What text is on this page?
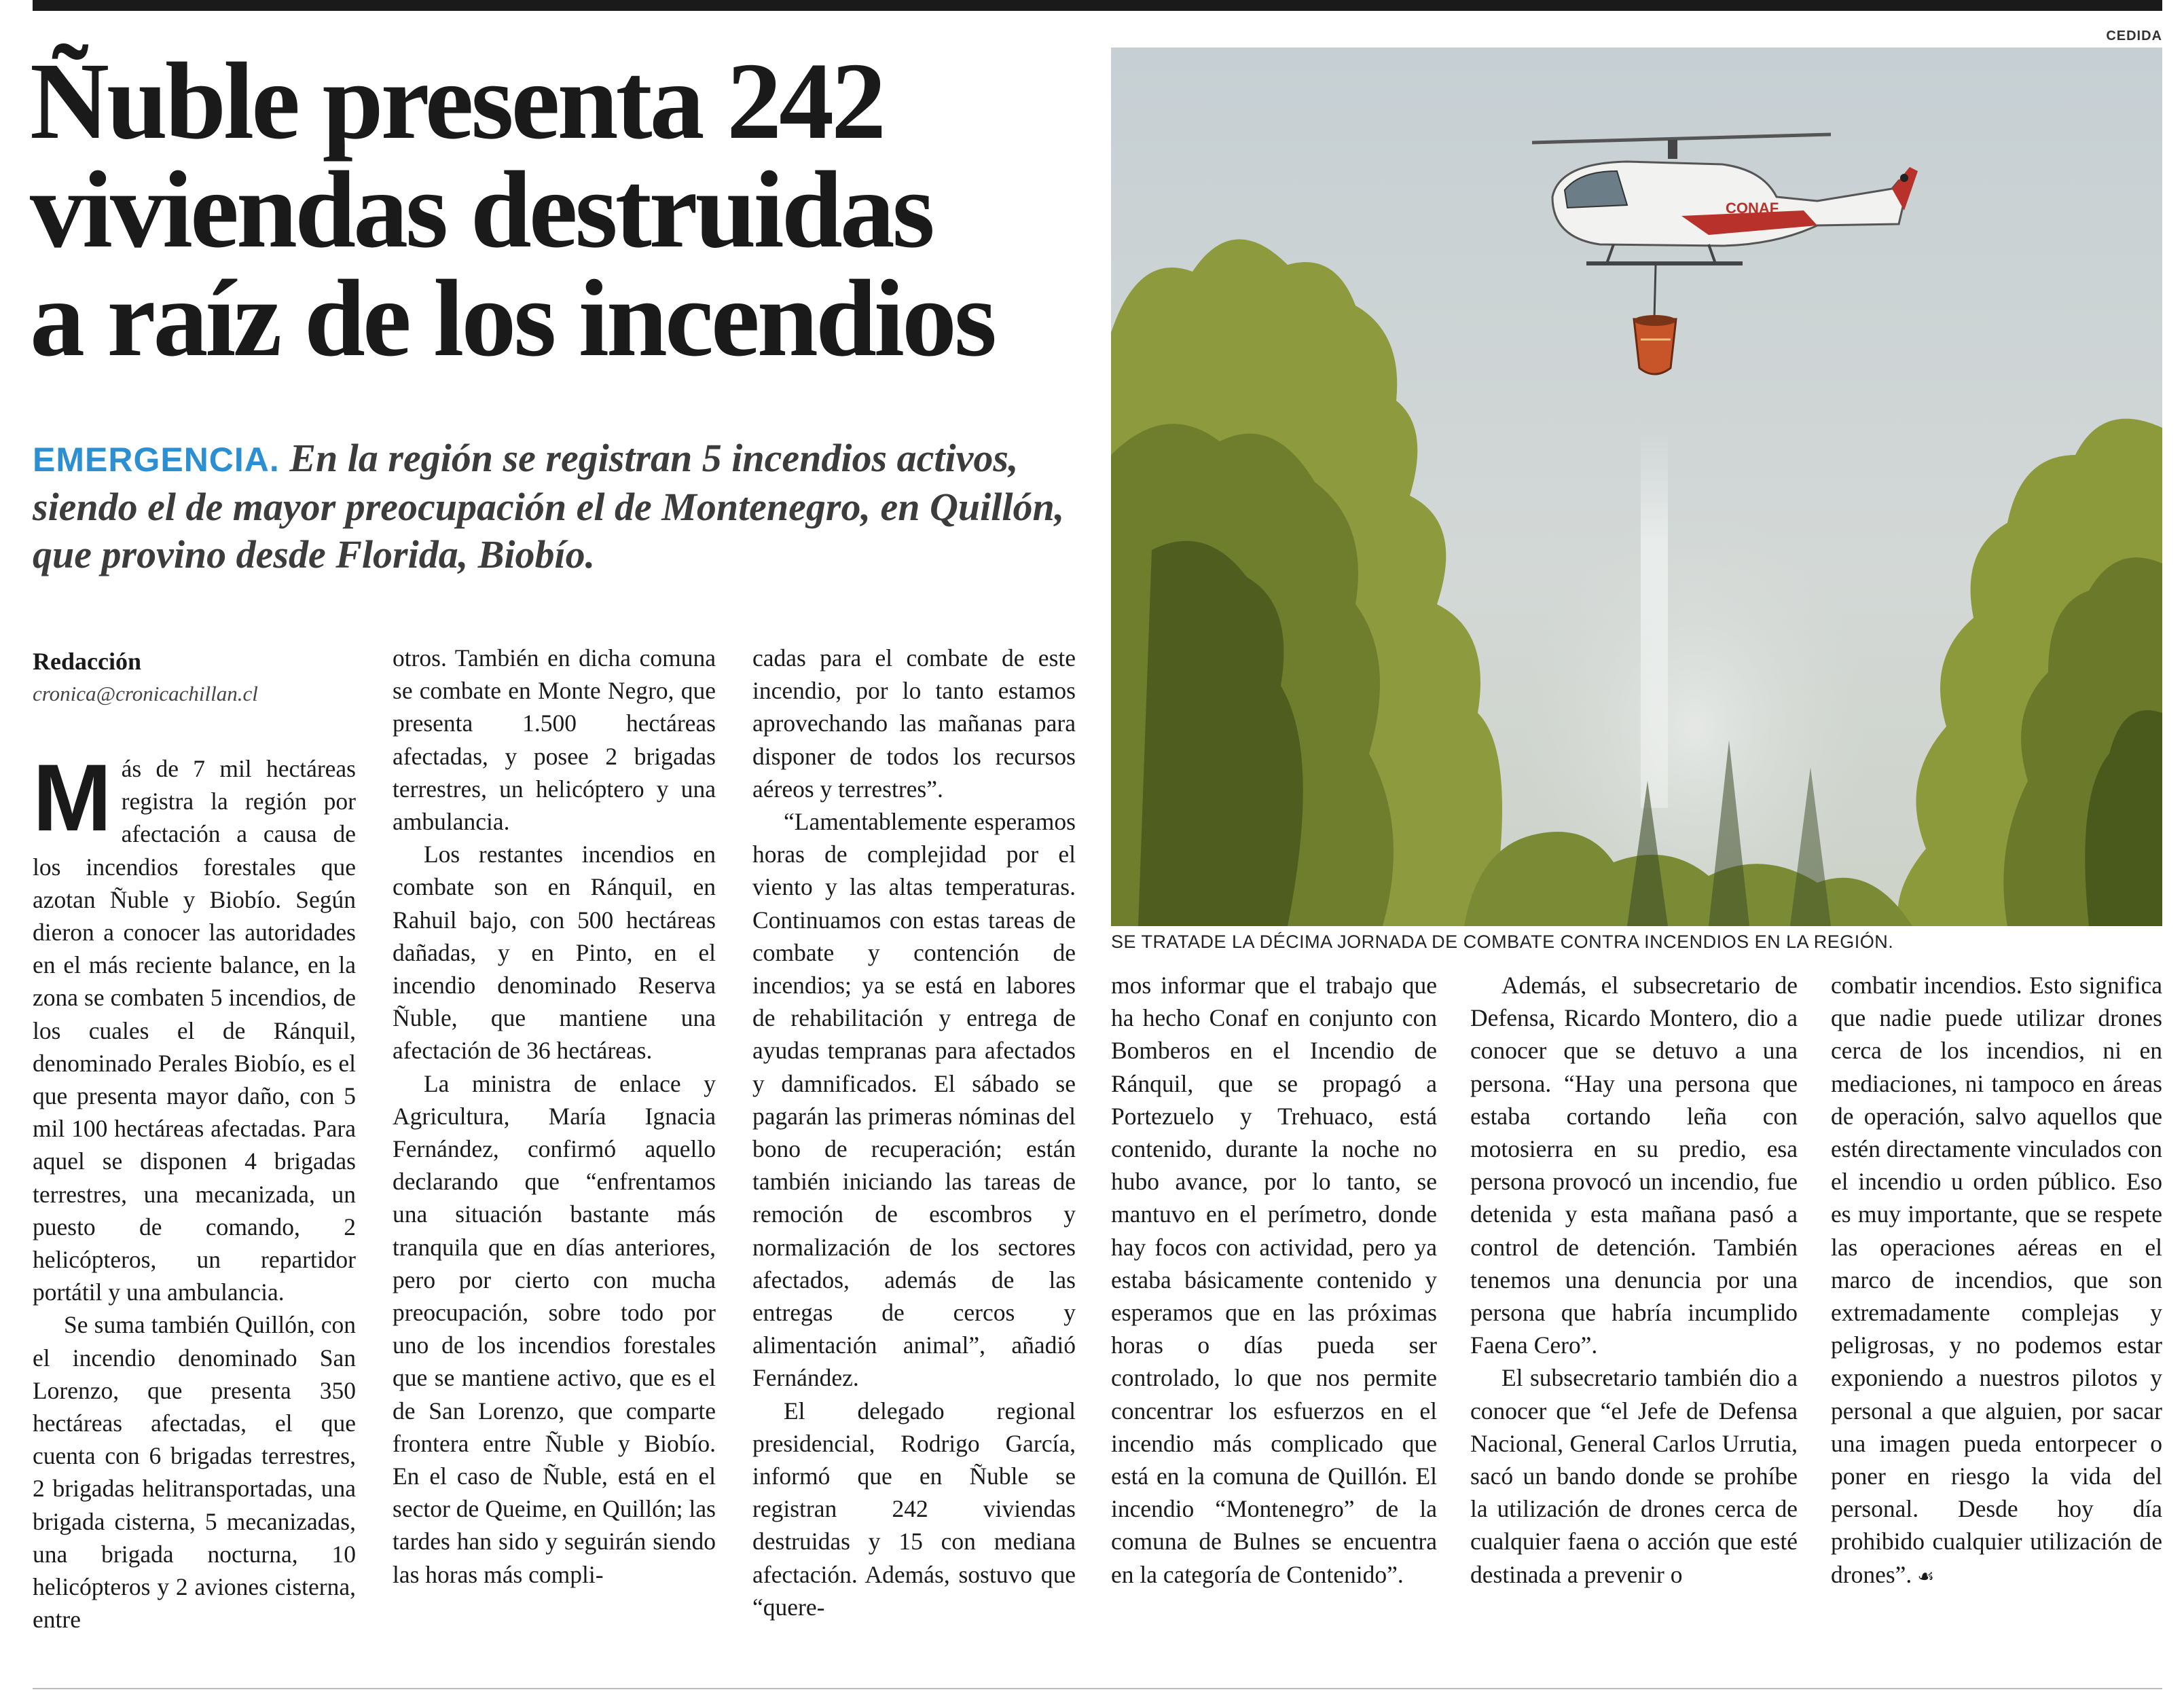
Ñuble presenta 242
viviendas destruidas
a raíz de los incendios
EMERGENCIA. En la región se registran 5 incendios activos, siendo el de mayor preocupación el de Montenegro, en Quillón, que provino desde Florida, Biobío.
CEDIDA
CONAF
SE TRATADE LA DÉCIMA JORNADA DE COMBATE CONTRA INCENDIOS EN LA REGIÓN.
Redacción
cronica@cronicachillan.cl

Más de 7 mil hectáreas registra la región por afectación a causa de los incendios forestales que azotan Ñuble y Biobío. Según dieron a conocer las autoridades en el más reciente balance, en la zona se combaten 5 incendios, de los cuales el de Ránquil, denominado Perales Biobío, es el que presenta mayor daño, con 5 mil 100 hectáreas afectadas. Para aquel se disponen 4 brigadas terrestres, una mecanizada, un puesto de comando, 2 helicópteros, un repartidor portátil y una ambulancia.

Se suma también Quillón, con el incendio denominado San Lorenzo, que presenta 350 hectáreas afectadas, el que cuenta con 6 brigadas terrestres, 2 brigadas helitransportadas, una brigada cisterna, 5 mecanizadas, una brigada nocturna, 10 helicópteros y 2 aviones cisterna, entre

otros. También en dicha comuna se combate en Monte Negro, que presenta 1.500 hectáreas afectadas, y posee 2 brigadas terrestres, un helicóptero y una ambulancia.

Los restantes incendios en combate son en Ránquil, en Rahuil bajo, con 500 hectáreas dañadas, y en Pinto, en el incendio denominado Reserva Ñuble, que mantiene una afectación de 36 hectáreas.

La ministra de enlace y Agricultura, María Ignacia Fernández, confirmó aquello declarando que “enfrentamos una situación bastante más tranquila que en días anteriores, pero por cierto con mucha preocupación, sobre todo por uno de los incendios forestales que se mantiene activo, que es el de San Lorenzo, que comparte frontera entre Ñuble y Biobío. En el caso de Ñuble, está en el sector de Queime, en Quillón; las tardes han sido y seguirán siendo las horas más compli-

cadas para el combate de este incendio, por lo tanto estamos aprovechando las mañanas para disponer de todos los recursos aéreos y terrestres”.

“Lamentablemente esperamos horas de complejidad por el viento y las altas temperaturas. Continuamos con estas tareas de combate y contención de incendios; ya se está en labores de rehabilitación y entrega de ayudas tempranas para afectados y damnificados. El sábado se pagarán las primeras nóminas del bono de recuperación; están también iniciando las tareas de remoción de escombros y normalización de los sectores afectados, además de las entregas de cercos y alimentación animal”, añadió Fernández.

El delegado regional presidencial, Rodrigo García, informó que en Ñuble se registran 242 viviendas destruidas y 15 con mediana afectación. Además, sostuvo que “quere-

mos informar que el trabajo que ha hecho Conaf en conjunto con Bomberos en el Incendio de Ránquil, que se propagó a Portezuelo y Trehuaco, está contenido, durante la noche no hubo avance, por lo tanto, se mantuvo en el perímetro, donde hay focos con actividad, pero ya estaba básicamente contenido y esperamos que en las próximas horas o días pueda ser controlado, lo que nos permite concentrar los esfuerzos en el incendio más complicado que está en la comuna de Quillón. El incendio “Montenegro” de la comuna de Bulnes se encuentra en la categoría de Contenido”.

Además, el subsecretario de Defensa, Ricardo Montero, dio a conocer que se detuvo a una persona. “Hay una persona que estaba cortando leña con motosierra en su predio, esa persona provocó un incendio, fue detenida y esta mañana pasó a control de detención. También tenemos una denuncia por una persona que habría incumplido Faena Cero”.

El subsecretario también dio a conocer que “el Jefe de Defensa Nacional, General Carlos Urrutia, sacó un bando donde se prohíbe la utilización de drones cerca de cualquier faena o acción que esté destinada a prevenir o

combatir incendios. Esto significa que nadie puede utilizar drones cerca de los incendios, ni en mediaciones, ni tampoco en áreas de operación, salvo aquellos que estén directamente vinculados con el incendio u orden público. Eso es muy importante, que se respete las operaciones aéreas en el marco de incendios, que son extremadamente complejas y peligrosas, y no podemos estar exponiendo a nuestros pilotos y personal a que alguien, por sacar una imagen pueda entorpecer o poner en riesgo la vida del personal. Desde hoy día prohibido cualquier utilización de drones”. ☙
